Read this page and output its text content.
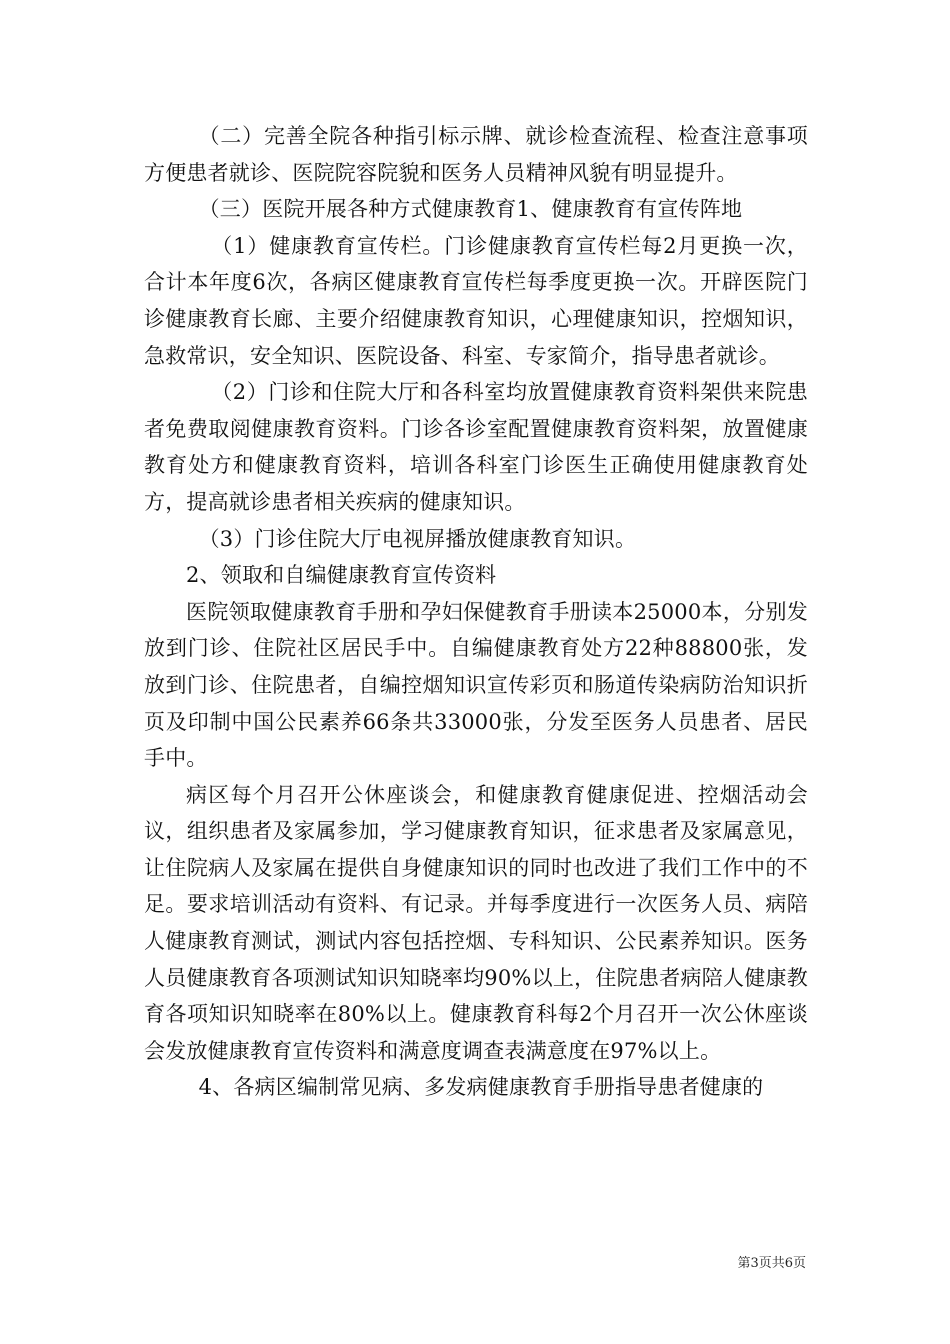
（二）完善全院各种指引标示牌、就诊检查流程、检查注意事项方便患者就诊、医院院容院貌和医务人员精神风貌有明显提升。

（三）医院开展各种方式健康教育1、健康教育有宣传阵地

（1）健康教育宣传栏。门诊健康教育宣传栏每2月更换一次，合计本年度6次，各病区健康教育宣传栏每季度更换一次。开辟医院门诊健康教育长廊、主要介绍健康教育知识，心理健康知识，控烟知识，急救常识，安全知识、医院设备、科室、专家简介，指导患者就诊。

（2）门诊和住院大厅和各科室均放置健康教育资料架供来院患者免费取阅健康教育资料。门诊各诊室配置健康教育资料架，放置健康教育处方和健康教育资料，培训各科室门诊医生正确使用健康教育处方，提高就诊患者相关疾病的健康知识。

（3）门诊住院大厅电视屏播放健康教育知识。

2、领取和自编健康教育宣传资料

医院领取健康教育手册和孕妇保健教育手册读本25000本，分别发放到门诊、住院社区居民手中。自编健康教育处方22种88800张，发放到门诊、住院患者，自编控烟知识宣传彩页和肠道传染病防治知识折页及印制中国公民素养66条共33000张，分发至医务人员患者、居民手中。

病区每个月召开公休座谈会，和健康教育健康促进、控烟活动会议，组织患者及家属参加，学习健康教育知识，征求患者及家属意见，让住院病人及家属在提供自身健康知识的同时也改进了我们工作中的不足。要求培训活动有资料、有记录。并每季度进行一次医务人员、病陪人健康教育测试，测试内容包括控烟、专科知识、公民素养知识。医务人员健康教育各项测试知识知晓率均90%以上，住院患者病陪人健康教育各项知识知晓率在80%以上。健康教育科每2个月召开一次公休座谈会发放健康教育宣传资料和满意度调查表满意度在97%以上。

4、各病区编制常见病、多发病健康教育手册指导患者健康的

第3页共6页
